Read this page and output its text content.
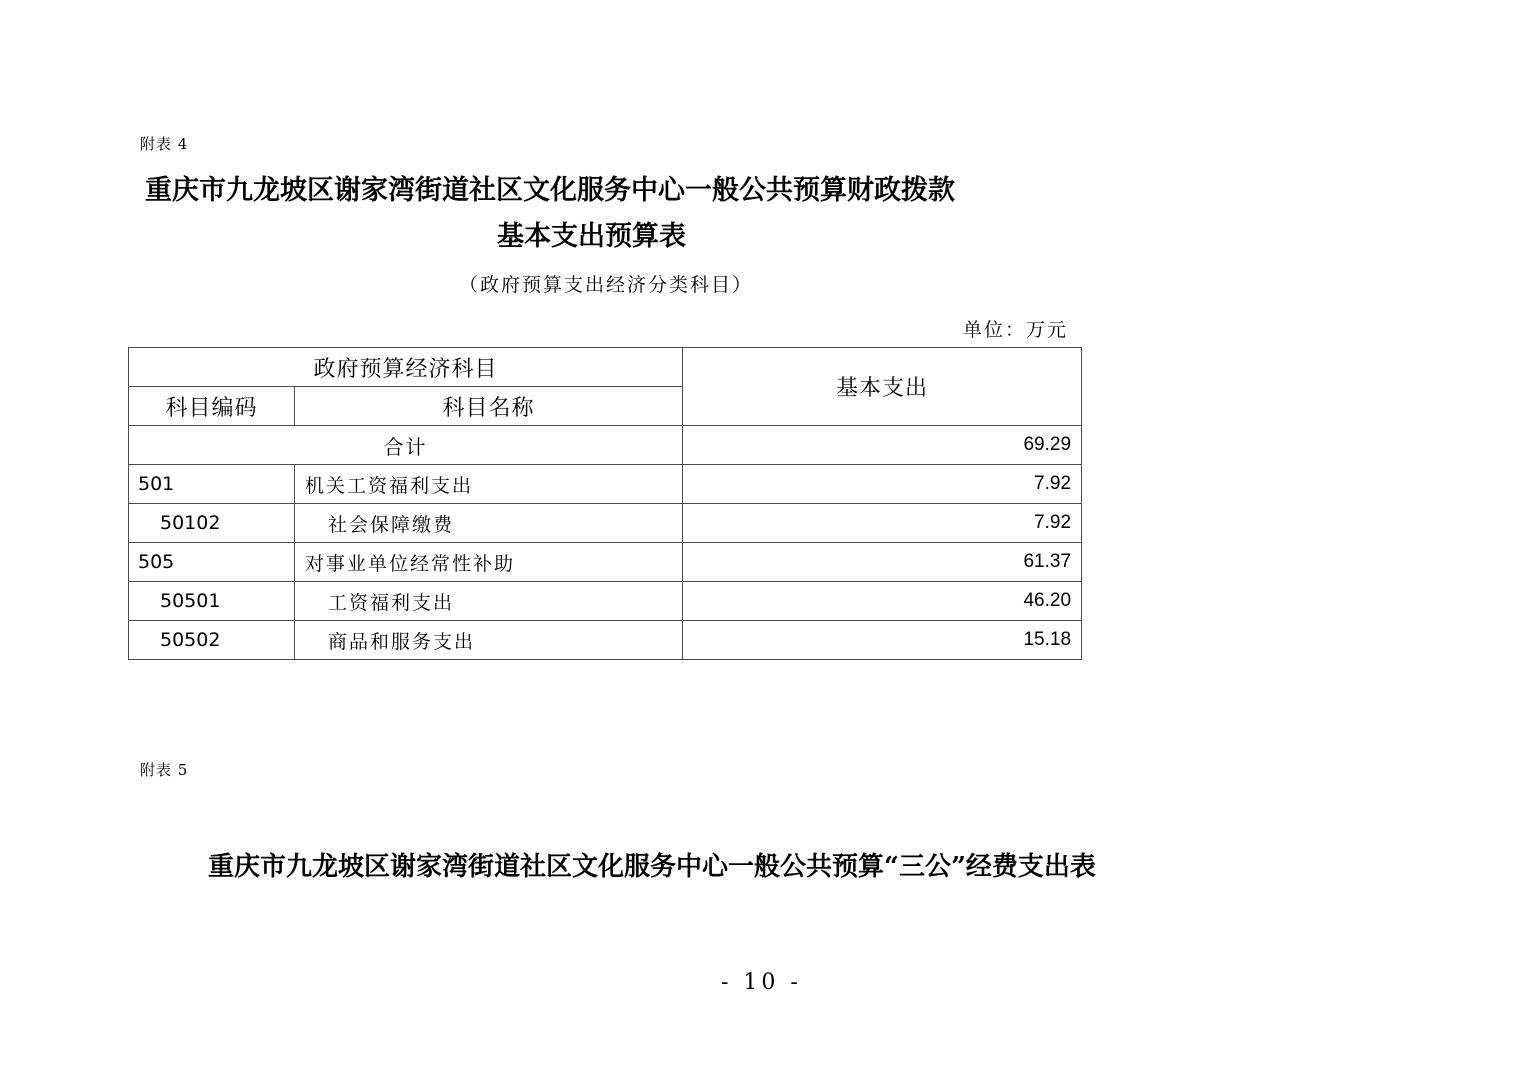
附表 4
重庆市九龙坡区谢家湾街道社区文化服务中心一般公共预算财政拨款
基本支出预算表
（政府预算支出经济分类科目）
单位：万元
政府预算经济科目		基本支出
科目编码	科目名称	
合计		69.29
501	机关工资福利支出	7.92
50102	社会保障缴费	7.92
505	对事业单位经常性补助	61.37
50501	工资福利支出	46.20
50502	商品和服务支出	15.18
附表 5
重庆市九龙坡区谢家湾街道社区文化服务中心一般公共预算“三公”经费支出表
- 10 -
